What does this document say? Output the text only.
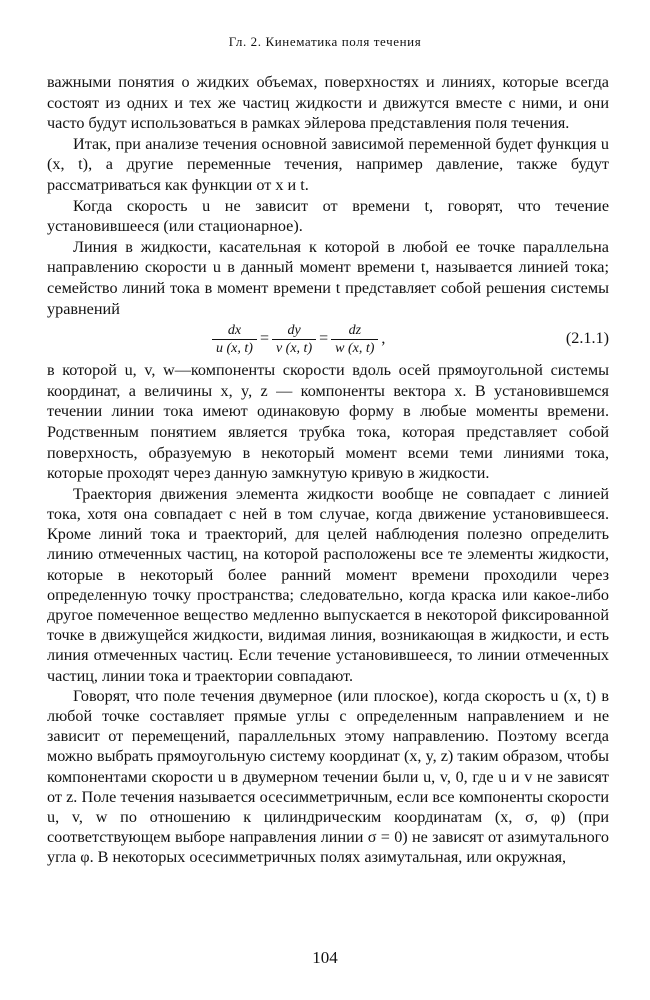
Гл. 2. Кинематика поля течения

важными понятия о жидких объемах, поверхностях и линиях, которые всегда состоят из одних и тех же частиц жидкости и движутся вместе с ними, и они часто будут использоваться в рамках эйлерова представления поля течения.

Итак, при анализе течения основной зависимой переменной будет функция u (x, t), а другие переменные течения, например давление, также будут рассматриваться как функции от x и t.

Когда скорость u не зависит от времени t, говорят, что течение установившееся (или стационарное).

Линия в жидкости, касательная к которой в любой ее точке параллельна направлению скорости u в данный момент времени t, называется линией тока; семейство линий тока в момент времени t представляет собой решения системы уравнений

$\frac{dx}{u (x, t)} = \frac{dy}{v (x, t)} = \frac{dz}{w (x, t)}$ ,	(2.1.1)

в которой u, v, w—компоненты скорости вдоль осей прямоугольной системы координат, а величины x, y, z — компоненты вектора x. В установившемся течении линии тока имеют одинаковую форму в любые моменты времени. Родственным понятием является трубка тока, которая представляет собой поверхность, образуемую в некоторый момент всеми теми линиями тока, которые проходят через данную замкнутую кривую в жидкости.

Траектория движения элемента жидкости вообще не совпадает с линией тока, хотя она совпадает с ней в том случае, когда движение установившееся. Кроме линий тока и траекторий, для целей наблюдения полезно определить линию отмеченных частиц, на которой расположены все те элементы жидкости, которые в некоторый более ранний момент времени проходили через определенную точку пространства; следовательно, когда краска или какое-либо другое помеченное вещество медленно выпускается в некоторой фиксированной точке в движущейся жидкости, видимая линия, возникающая в жидкости, и есть линия отмеченных частиц. Если течение установившееся, то линии отмеченных частиц, линии тока и траектории совпадают.

Говорят, что поле течения двумерное (или плоское), когда скорость u (x, t) в любой точке составляет прямые углы с определенным направлением и не зависит от перемещений, параллельных этому направлению. Поэтому всегда можно выбрать прямоугольную систему координат (x, y, z) таким образом, чтобы компонентами скорости u в двумерном течении были u, v, 0, где u и v не зависят от z. Поле течения называется осесимметричным, если все компоненты скорости u, v, w по отношению к цилиндрическим координатам (x, σ, φ) (при соответствующем выборе направления линии σ = 0) не зависят от азимутального угла φ. В некоторых осесимметричных полях азимутальная, или окружная,

104
